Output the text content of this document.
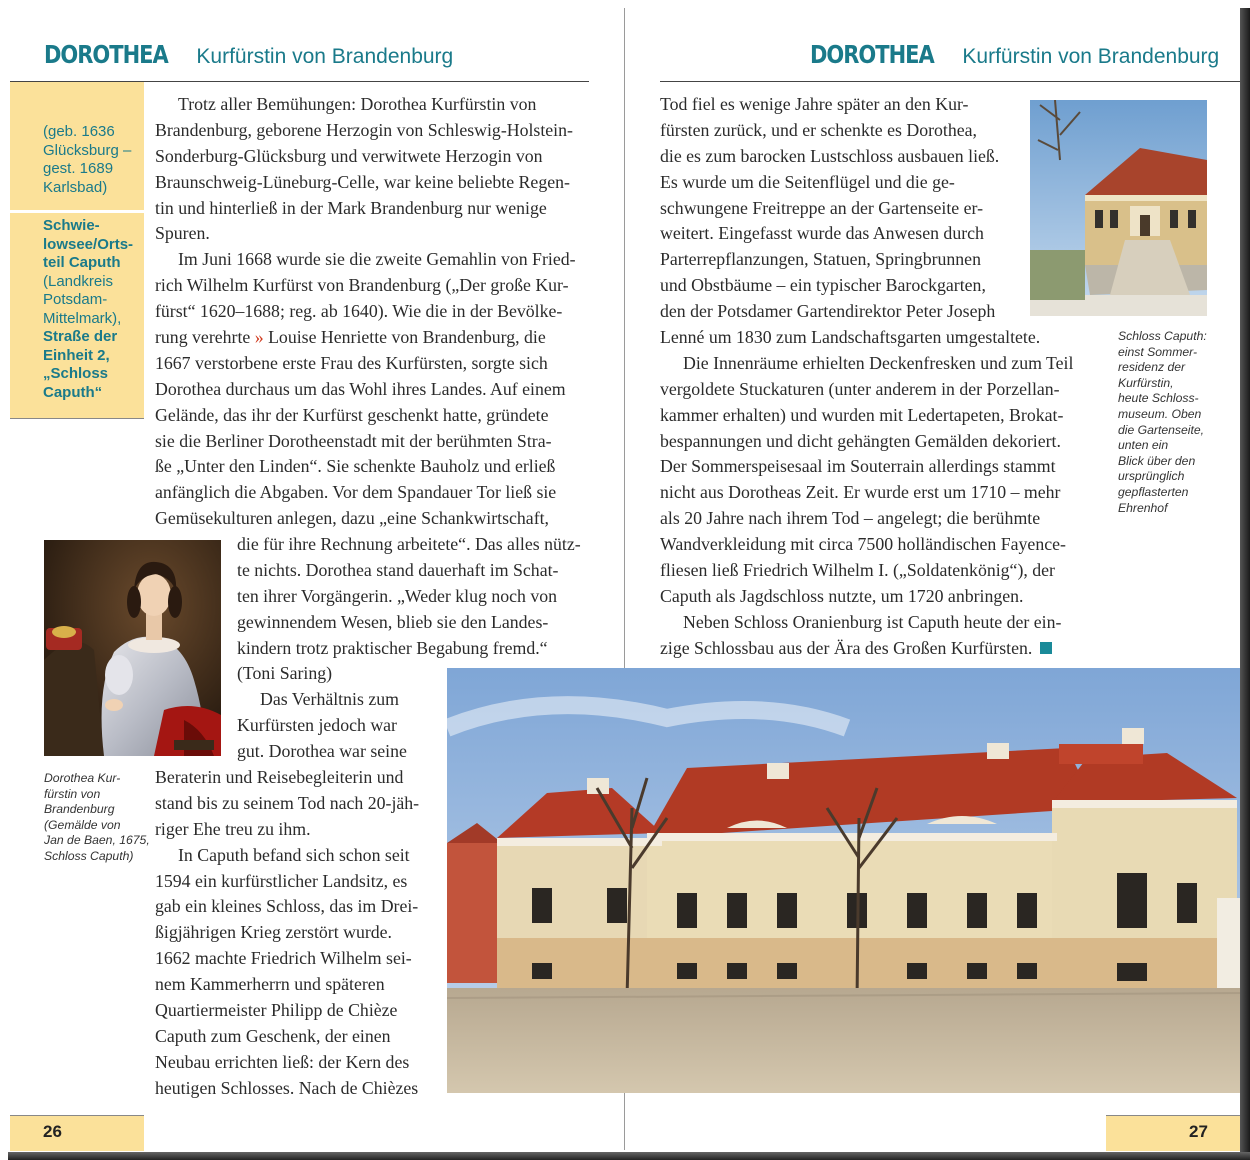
DOROTHEA Kurfürstin von Brandenburg	DOROTHEA Kurfürstin von Brandenburg
(geb. 1636
Glücksburg –
gest. 1689
Karlsbad)
Schwie-
lowsee/Orts-
teil Caputh
(Landkreis
Potsdam-
Mittelmark),
Straße der
Einheit 2,
„Schloss
Caputh“
Trotz aller Bemühungen: Dorothea Kurfürstin von
Brandenburg, geborene Herzogin von Schleswig-Holstein-
Sonderburg-Glücksburg und verwitwete Herzogin von
Braunschweig-Lüneburg-Celle, war keine beliebte Regen-
tin und hinterließ in der Mark Brandenburg nur wenige
Spuren.
Im Juni 1668 wurde sie die zweite Gemahlin von Fried-
rich Wilhelm Kurfürst von Brandenburg („Der große Kur-
fürst“ 1620–1688; reg. ab 1640). Wie die in der Bevölke-
rung verehrte » Louise Henriette von Brandenburg, die
1667 verstorbene erste Frau des Kurfürsten, sorgte sich
Dorothea durchaus um das Wohl ihres Landes. Auf einem
Gelände, das ihr der Kurfürst geschenkt hatte, gründete
sie die Berliner Dorotheenstadt mit der berühmten Stra-
ße „Unter den Linden“. Sie schenkte Bauholz und erließ
anfänglich die Abgaben. Vor dem Spandauer Tor ließ sie
Gemüsekulturen anlegen, dazu „eine Schankwirtschaft,
die für ihre Rechnung arbeitete“. Das alles nütz-
te nichts. Dorothea stand dauerhaft im Schat-
ten ihrer Vorgängerin. „Weder klug noch von
gewinnendem Wesen, blieb sie den Landes-
kindern trotz praktischer Begabung fremd.“
(Toni Saring)
Das Verhältnis zum
Kurfürsten jedoch war
gut. Dorothea war seine
Beraterin und Reisebegleiterin und
stand bis zu seinem Tod nach 20-jäh-
riger Ehe treu zu ihm.
In Caputh befand sich schon seit
1594 ein kurfürstlicher Landsitz, es
gab ein kleines Schloss, das im Drei-
ßigjährigen Krieg zerstört wurde.
1662 machte Friedrich Wilhelm sei-
nem Kammerherrn und späteren
Quartiermeister Philipp de Chièze
Caputh zum Geschenk, der einen
Neubau errichten ließ: der Kern des
heutigen Schlosses. Nach de Chièzes
Dorothea Kur-
fürstin von
Brandenburg
(Gemälde von
Jan de Baen, 1675,
Schloss Caputh)
Tod fiel es wenige Jahre später an den Kur-
fürsten zurück, und er schenkte es Dorothea,
die es zum barocken Lustschloss ausbauen ließ.
Es wurde um die Seitenflügel und die ge-
schwungene Freitreppe an der Gartenseite er-
weitert. Eingefasst wurde das Anwesen durch
Parterrepflanzungen, Statuen, Springbrunnen
und Obstbäume – ein typischer Barockgarten,
den der Potsdamer Gartendirektor Peter Joseph
Lenné um 1830 zum Landschaftsgarten umgestaltete.
Die Innenräume erhielten Deckenfresken und zum Teil
vergoldete Stuckaturen (unter anderem in der Porzellan-
kammer erhalten) und wurden mit Ledertapeten, Brokat-
bespannungen und dicht gehängten Gemälden dekoriert.
Der Sommerspeisesaal im Souterrain allerdings stammt
nicht aus Dorotheas Zeit. Er wurde erst um 1710 – mehr
als 20 Jahre nach ihrem Tod – angelegt; die berühmte
Wandverkleidung mit circa 7500 holländischen Fayence-
fliesen ließ Friedrich Wilhelm I. („Soldatenkönig“), der
Caputh als Jagdschloss nutzte, um 1720 anbringen.
Neben Schloss Oranienburg ist Caputh heute der ein-
zige Schlossbau aus der Ära des Großen Kurfürsten.
Schloss Caputh:
einst Sommer-
residenz der
Kurfürstin,
heute Schloss-
museum. Oben
die Gartenseite,
unten ein
Blick über den
ursprünglich
gepflasterten
Ehrenhof
26	27
